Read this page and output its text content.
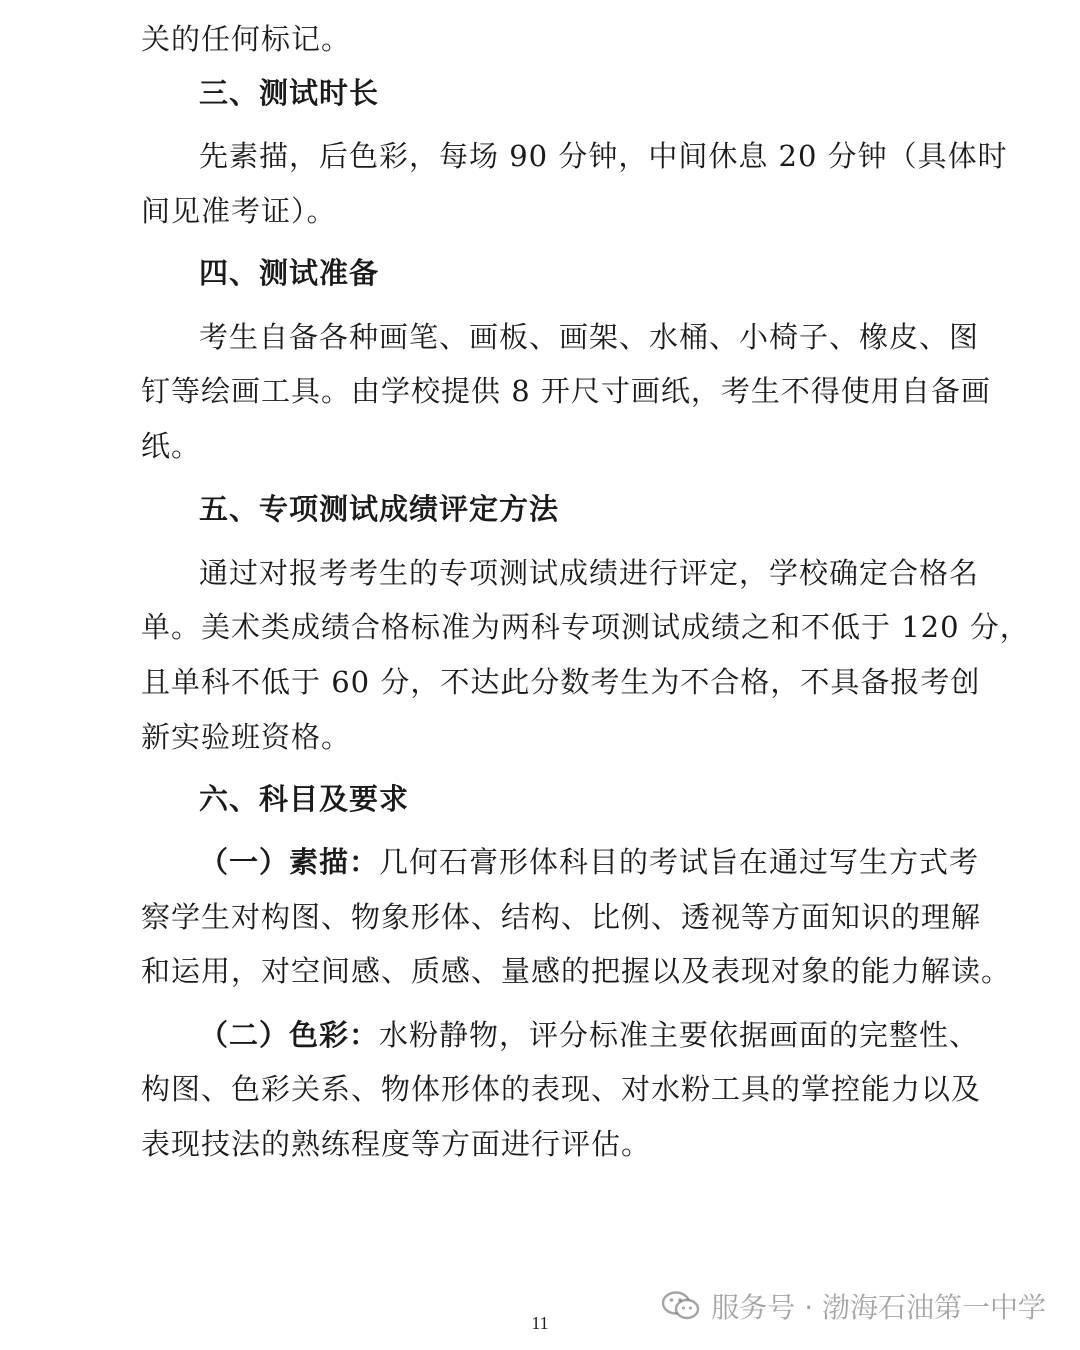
关的任何标记。
三、测试时长
先素描，后色彩，每场 90 分钟，中间休息 20 分钟（具体时
间见准考证）。
四、测试准备
考生自备各种画笔、画板、画架、水桶、小椅子、橡皮、图
钉等绘画工具。由学校提供 8 开尺寸画纸，考生不得使用自备画
纸。
五、专项测试成绩评定方法
通过对报考考生的专项测试成绩进行评定，学校确定合格名
单。美术类成绩合格标准为两科专项测试成绩之和不低于 120 分，
且单科不低于 60 分，不达此分数考生为不合格，不具备报考创
新实验班资格。
六、科目及要求
（一）素描： 几何石膏形体科目的考试旨在通过写生方式考
察学生对构图、物象形体、结构、比例、透视等方面知识的理解
和运用，对空间感、质感、量感的把握以及表现对象的能力解读。
（二）色彩： 水粉静物，评分标准主要依据画面的完整性、
构图、色彩关系、物体形体的表现、对水粉工具的掌控能力以及
表现技法的熟练程度等方面进行评估。
服务号 · 渤海石油第一中学
11
